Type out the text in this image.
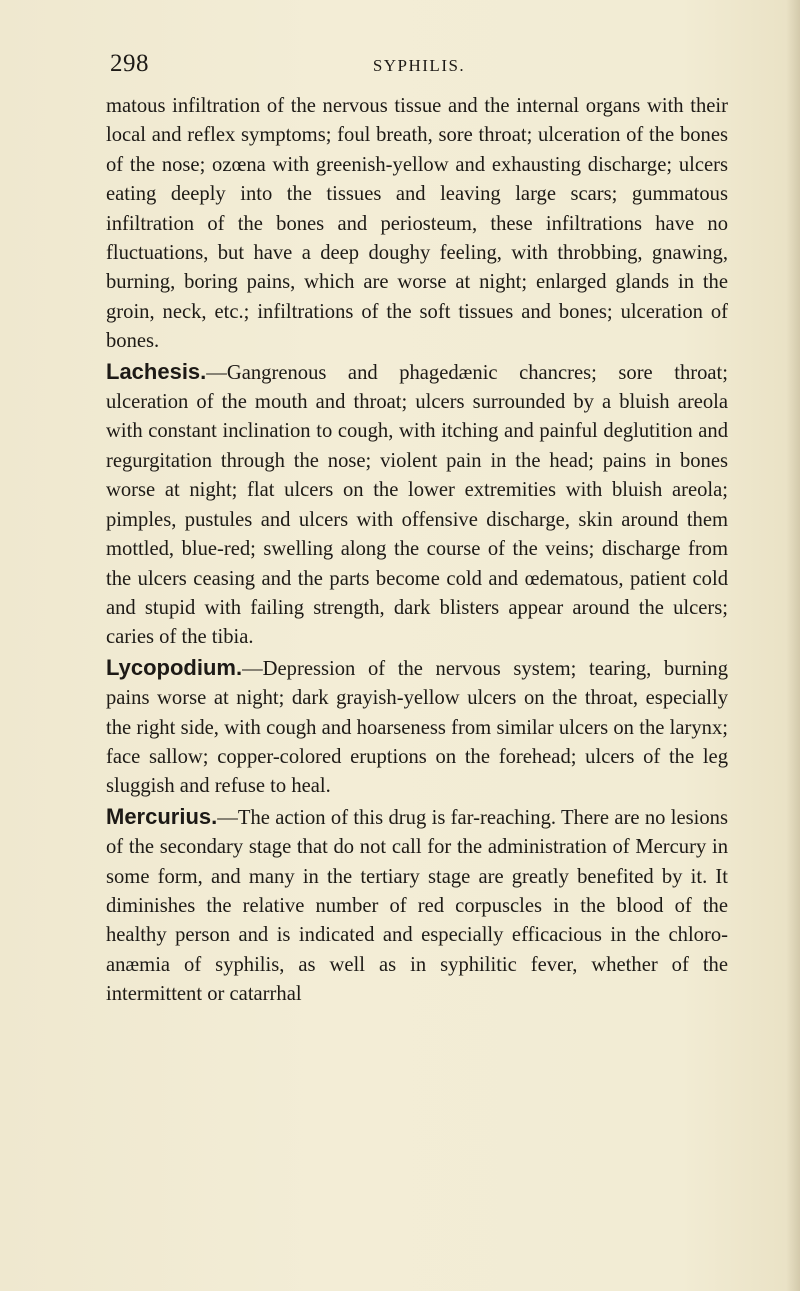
298	SYPHILIS.

matous infiltration of the nervous tissue and the internal organs with their local and reflex symptoms; foul breath, sore throat; ulceration of the bones of the nose; ozœna with greenish-yellow and exhausting discharge; ulcers eating deeply into the tissues and leaving large scars; gummatous infiltration of the bones and periosteum, these infiltrations have no fluctuations, but have a deep doughy feeling, with throbbing, gnawing, burning, boring pains, which are worse at night; enlarged glands in the groin, neck, etc.; infiltrations of the soft tissues and bones; ulceration of bones.

Lachesis.—Gangrenous and phagedænic chancres; sore throat; ulceration of the mouth and throat; ulcers surrounded by a bluish areola with constant inclination to cough, with itching and painful deglutition and regurgitation through the nose; violent pain in the head; pains in bones worse at night; flat ulcers on the lower extremities with bluish areola; pimples, pustules and ulcers with offensive discharge, skin around them mottled, blue-red; swelling along the course of the veins; discharge from the ulcers ceasing and the parts become cold and œdematous, patient cold and stupid with failing strength, dark blisters appear around the ulcers; caries of the tibia.

Lycopodium.—Depression of the nervous system; tearing, burning pains worse at night; dark grayish-yellow ulcers on the throat, especially the right side, with cough and hoarseness from similar ulcers on the larynx; face sallow; copper-colored eruptions on the forehead; ulcers of the leg sluggish and refuse to heal.

Mercurius.—The action of this drug is far-reaching. There are no lesions of the secondary stage that do not call for the administration of Mercury in some form, and many in the tertiary stage are greatly benefited by it. It diminishes the relative number of red corpuscles in the blood of the healthy person and is indicated and especially efficacious in the chloro-anæmia of syphilis, as well as in syphilitic fever, whether of the intermittent or catarrhal
